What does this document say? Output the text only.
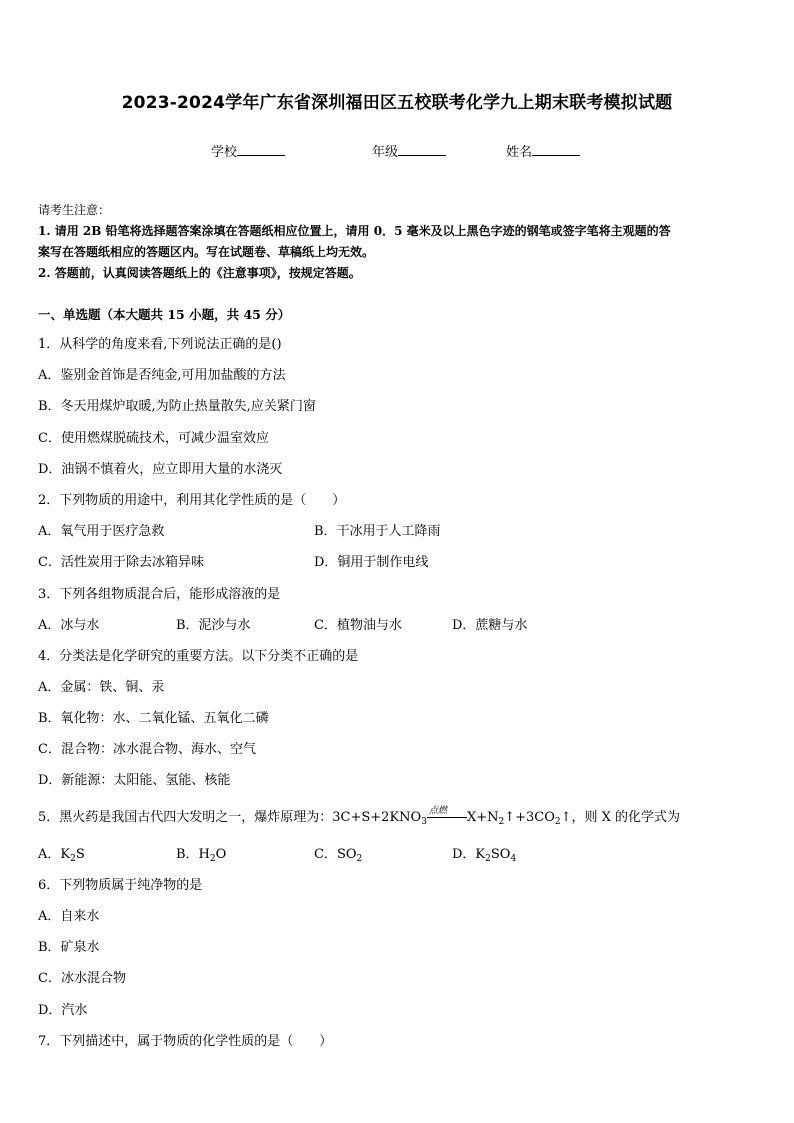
2023-2024学年广东省深圳福田区五校联考化学九上期末联考模拟试题
学校	年级	姓名
请考生注意：
1. 请用 2B 铅笔将选择题答案涂填在答题纸相应位置上，请用 0．5 毫米及以上黑色字迹的钢笔或签字笔将主观题的答
案写在答题纸相应的答题区内。写在试题卷、草稿纸上均无效。
2. 答题前，认真阅读答题纸上的《注意事项》，按规定答题。
一、单选题（本大题共 15 小题，共 45 分）
1．从科学的角度来看,下列说法正确的是()
A．鉴别金首饰是否纯金,可用加盐酸的方法
B．冬天用煤炉取暖,为防止热量散失,应关紧门窗
C．使用燃煤脱硫技术，可减少温室效应
D．油锅不慎着火，应立即用大量的水浇灭
2．下列物质的用途中，利用其化学性质的是（　　）
A．氧气用于医疗急救	B．干冰用于人工降雨
C．活性炭用于除去冰箱异味	D．铜用于制作电线
3．下列各组物质混合后，能形成溶液的是
A．冰与水	B．泥沙与水	C．植物油与水	D．蔗糖与水
4．分类法是化学研究的重要方法。以下分类不正确的是
A．金属：铁、铜、汞
B．氧化物：水、二氧化锰、五氧化二磷
C．混合物：冰水混合物、海水、空气
D．新能源：太阳能、氢能、核能
5．黑火药是我国古代四大发明之一，爆炸原理为：$3C+S+2KNO_3$
点燃 $X+N_2↑+3CO_2↑$，则 X 的化学式为
A．$K_2S$	B．$H_2O$	C．$SO_2$	D．$K_2SO_4$
6．下列物质属于纯净物的是
A．自来水
B．矿泉水
C．冰水混合物
D．汽水
7．下列描述中，属于物质的化学性质的是（　　）
